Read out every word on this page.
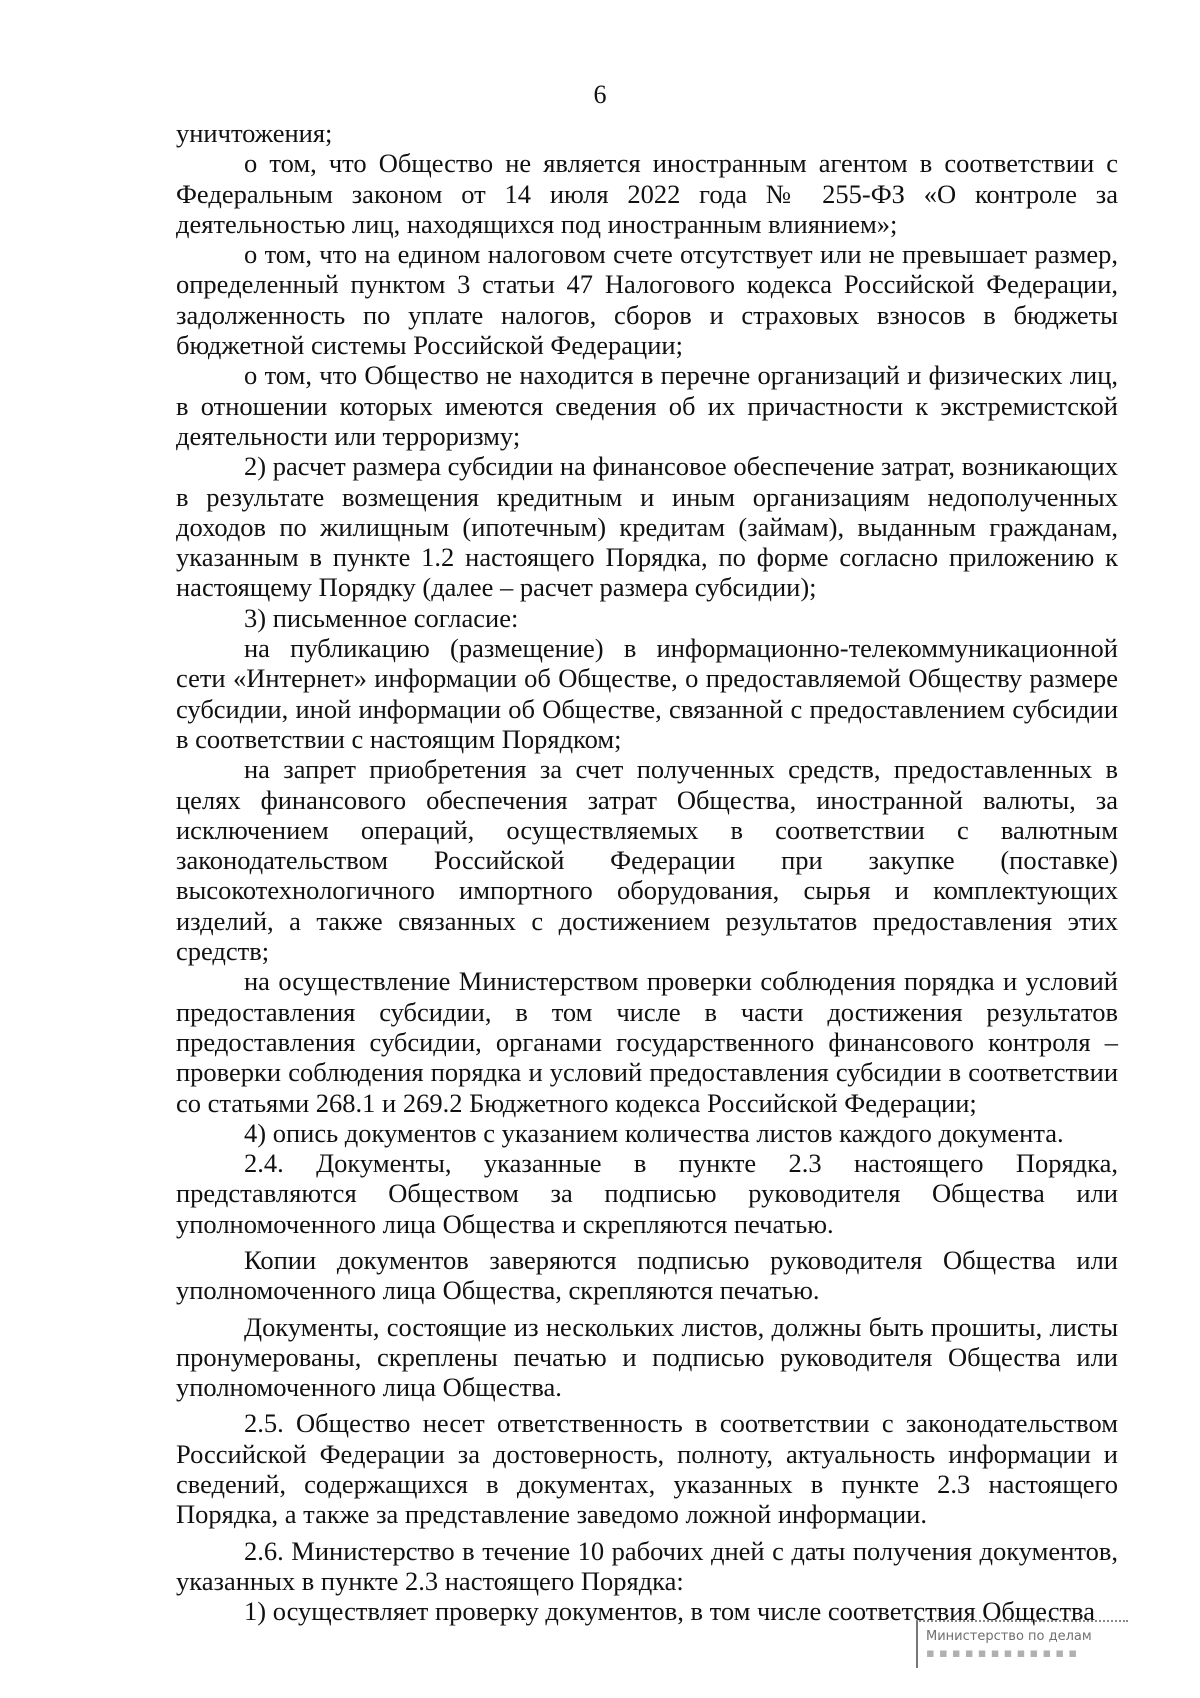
6

уничтожения;

о том, что Общество не является иностранным агентом в соответствии с Федеральным законом от 14 июля 2022 года № 255-ФЗ «О контроле за деятельностью лиц, находящихся под иностранным влиянием»;

о том, что на едином налоговом счете отсутствует или не превышает размер, определенный пунктом 3 статьи 47 Налогового кодекса Российской Федерации, задолженность по уплате налогов, сборов и страховых взносов в бюджеты бюджетной системы Российской Федерации;

о том, что Общество не находится в перечне организаций и физических лиц, в отношении которых имеются сведения об их причастности к экстремистской деятельности или терроризму;

2) расчет размера субсидии на финансовое обеспечение затрат, возникающих в результате возмещения кредитным и иным организациям недополученных доходов по жилищным (ипотечным) кредитам (займам), выданным гражданам, указанным в пункте 1.2 настоящего Порядка, по форме согласно приложению к настоящему Порядку (далее – расчет размера субсидии);

3) письменное согласие:

на публикацию (размещение) в информационно-телекоммуникационной сети «Интернет» информации об Обществе, о предоставляемой Обществу размере субсидии, иной информации об Обществе, связанной с предоставлением субсидии в соответствии с настоящим Порядком;

на запрет приобретения за счет полученных средств, предоставленных в целях финансового обеспечения затрат Общества, иностранной валюты, за исключением операций, осуществляемых в соответствии с валютным законодательством Российской Федерации при закупке (поставке) высокотехнологичного импортного оборудования, сырья и комплектующих изделий, а также связанных с достижением результатов предоставления этих средств;

на осуществление Министерством проверки соблюдения порядка и условий предоставления субсидии, в том числе в части достижения результатов предоставления субсидии, органами государственного финансового контроля – проверки соблюдения порядка и условий предоставления субсидии в соответствии со статьями 268.1 и 269.2 Бюджетного кодекса Российской Федерации;

4) опись документов с указанием количества листов каждого документа.

2.4. Документы, указанные в пункте 2.3 настоящего Порядка, представляются Обществом за подписью руководителя Общества или уполномоченного лица Общества и скрепляются печатью.

Копии документов заверяются подписью руководителя Общества или уполномоченного лица Общества, скрепляются печатью.

Документы, состоящие из нескольких листов, должны быть прошиты, листы пронумерованы, скреплены печатью и подписью руководителя Общества или уполномоченного лица Общества.

2.5. Общество несет ответственность в соответствии с законодательством Российской Федерации за достоверность, полноту, актуальность информации и сведений, содержащихся в документах, указанных в пункте 2.3 настоящего Порядка, а также за представление заведомо ложной информации.

2.6. Министерство в течение 10 рабочих дней с даты получения документов, указанных в пункте 2.3 настоящего Порядка:

1) осуществляет проверку документов, в том числе соответствия Общества

Министерство по делам
▪ ▪ ▪ ▪ ▪ ▪ ▪ ▪ ▪ ▪ ▪ ▪
